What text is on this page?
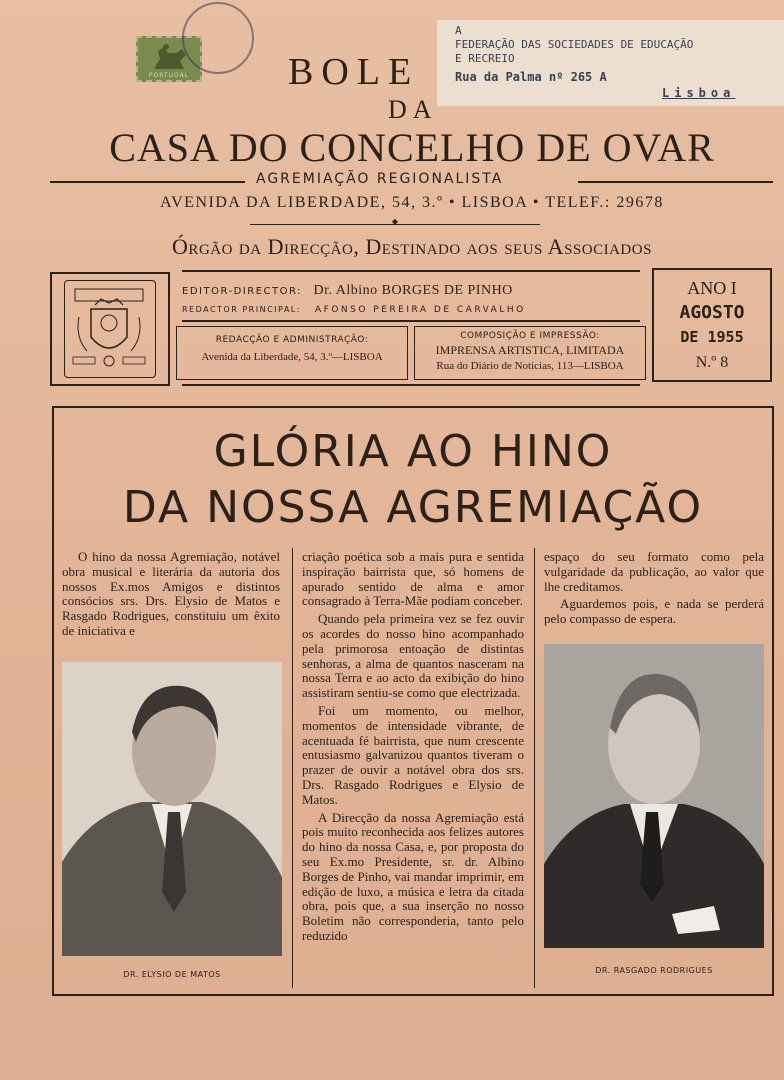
PORTUGAL
A
FEDERAÇÃO DAS SOCIEDADES DE EDUCAÇÃO
E RECREIO
Rua da Palma nº 265 A
Lisboa
BOLE
DA
CASA DO CONCELHO DE OVAR
AGREMIAÇÃO REGIONALISTA
AVENIDA DA LIBERDADE, 54, 3.º • LISBOA • TELEF.: 29678
◆
Órgão da Direcção, Destinado aos seus Associados
EDITOR-DIRECTOR: Dr. Albino BORGES DE PINHO
REDACTOR PRINCIPAL: AFONSO PEREIRA DE CARVALHO
REDACÇÃO E ADMINISTRAÇÃO:
Avenida da Liberdade, 54, 3.º—LISBOA
COMPOSIÇÃO E IMPRESSÃO:
IMPRENSA ARTISTICA, LIMITADA
Rua do Diário de Noticias, 113—LISBOA
ANO I
AGOSTO
DE 1955
N.º 8
GLÓRIA AO HINO
DA NOSSA AGREMIAÇÃO

O hino da nossa Agremiação, notável obra musical e literária da autoria dos nossos Ex.mos Amigos e distintos consócios srs. Drs. Elysio de Matos e Rasgado Rodrigues, constituiu um êxito de iniciativa e

criação poética sob a mais pura e sentida inspiração bairrista que, só homens de apurado sentido de alma e amor consagrado à Terra-Mãe podiam conceber.

Quando pela primeira vez se fez ouvir os acordes do nosso hino acompanhado pela primorosa entoação de distintas senhoras, a alma de quantos nasceram na nossa Terra e ao acto da exibição do hino assistiram sentiu-se como que electrizada.

Foi um momento, ou melhor, momentos de intensidade vibrante, de acentuada fé bairrista, que num crescente entusiasmo galvanizou quantos tiveram o prazer de ouvir a notável obra dos srs. Drs. Rasgado Rodrigues e Elysio de Matos.

A Direcção da nossa Agremiação está pois muito reconhecida aos felizes autores do hino da nossa Casa, e, por proposta do seu Ex.mo Presidente, sr. dr. Albino Borges de Pinho, vai mandar imprimir, em edição de luxo, a música e letra da citada obra, pois que, a sua inserção no nosso Boletim não corresponderia, tanto pelo reduzido

espaço do seu formato como pela vulgaridade da publicação, ao valor que lhe creditamos.

Aguardemos pois, e nada se perderá pelo compasso de espera.

DR. ELYSIO DE MATOS	DR. RASGADO RODRIGUES
